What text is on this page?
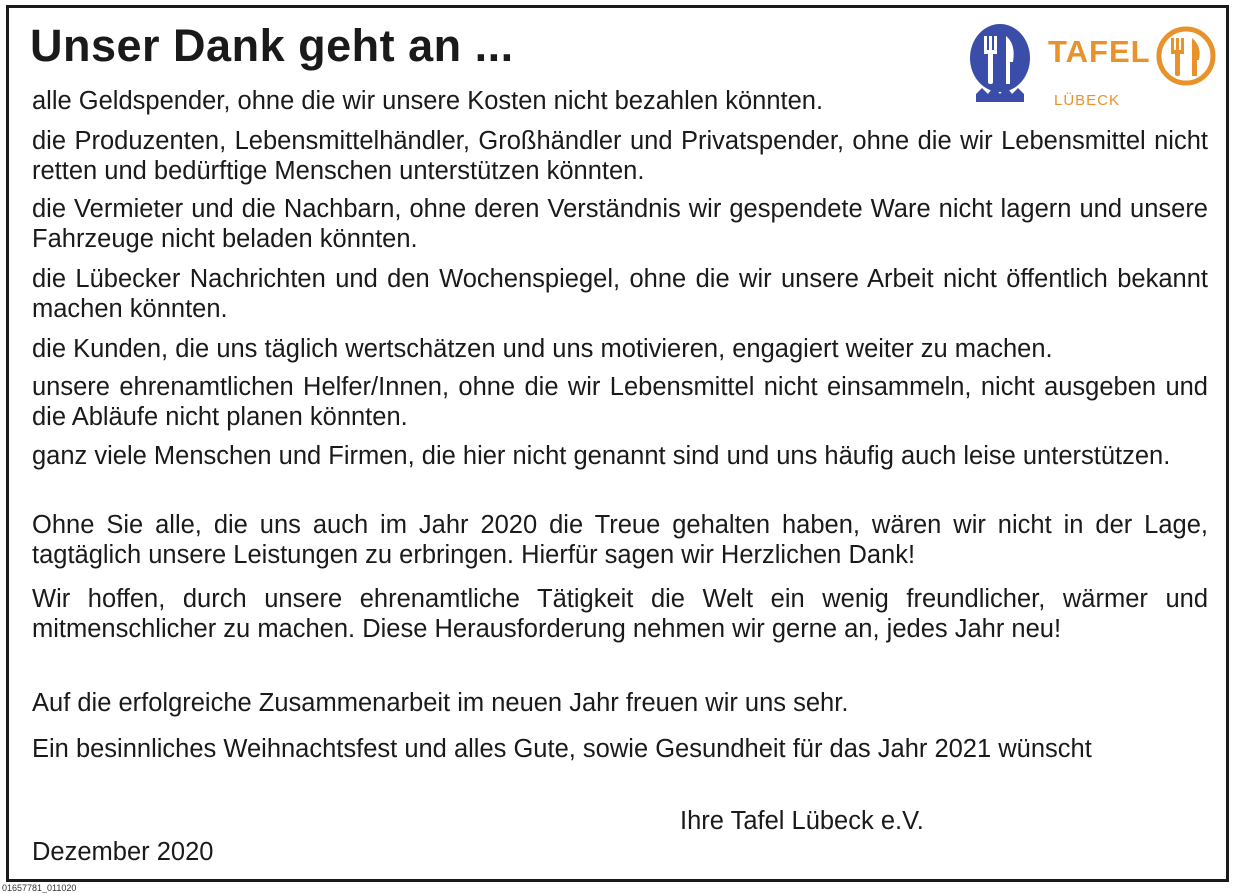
Unser Dank geht an ...	TAFEL
LÜBECK

alle Geldspender, ohne die wir unsere Kosten nicht bezahlen könnten.

die Produzenten, Lebensmittelhändler, Großhändler und Privatspender, ohne die wir Lebensmittel nicht retten und bedürftige Menschen unterstützen könnten.

die Vermieter und die Nachbarn, ohne deren Verständnis wir gespendete Ware nicht lagern und unsere Fahrzeuge nicht beladen könnten.

die Lübecker Nachrichten und den Wochenspiegel, ohne die wir unsere Arbeit nicht öffentlich bekannt machen könnten.

die Kunden, die uns täglich wertschätzen und uns motivieren, engagiert weiter zu machen.

unsere ehrenamtlichen Helfer/Innen, ohne die wir Lebensmittel nicht einsammeln, nicht ausgeben und die Abläufe nicht planen könnten.

ganz viele Menschen und Firmen, die hier nicht genannt sind und uns häufig auch leise unterstützen.

Ohne Sie alle, die uns auch im Jahr 2020 die Treue gehalten haben, wären wir nicht in der Lage, tagtäglich unsere Leistungen zu erbringen. Hierfür sagen wir Herzlichen Dank!

Wir hoffen, durch unsere ehrenamtliche Tätigkeit die Welt ein wenig freundlicher, wärmer und mitmenschlicher zu machen. Diese Herausforderung nehmen wir gerne an, jedes Jahr neu!

Auf die erfolgreiche Zusammenarbeit im neuen Jahr freuen wir uns sehr.

Ein besinnliches Weihnachtsfest und alles Gute, sowie Gesundheit für das Jahr 2021 wünscht

Ihre Tafel Lübeck e.V.
Dezember 2020
01657781_011020
